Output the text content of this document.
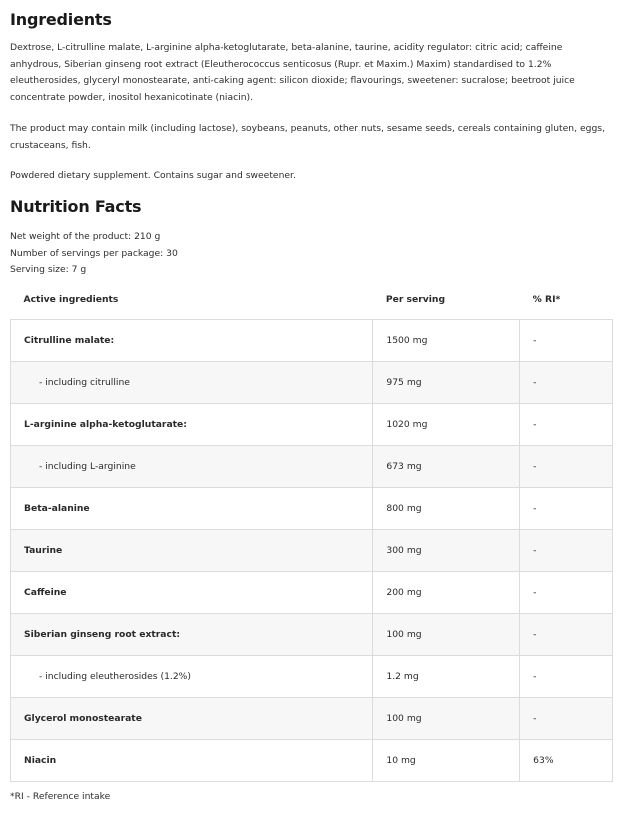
Ingredients

Dextrose, L-citrulline malate, L-arginine alpha-ketoglutarate, beta-alanine, taurine, acidity regulator: citric acid; caffeine anhydrous, Siberian ginseng root extract (Eleutherococcus senticosus (Rupr. et Maxim.) Maxim) standardised to 1.2% eleutherosides, glyceryl monostearate, anti-caking agent: silicon dioxide; flavourings, sweetener: sucralose; beetroot juice concentrate powder, inositol hexanicotinate (niacin).

The product may contain milk (including lactose), soybeans, peanuts, other nuts, sesame seeds, cereals containing gluten, eggs, crustaceans, fish.

Powdered dietary supplement. Contains sugar and sweetener.

Nutrition Facts
Net weight of the product: 210 g
Number of servings per package: 30
Serving size: 7 g
Active ingredients	Per serving	% RI*
Citrulline malate:	1500 mg	-
- including citrulline	975 mg	-
L-arginine alpha-ketoglutarate:	1020 mg	-
- including L-arginine	673 mg	-
Beta-alanine	800 mg	-
Taurine	300 mg	-
Caffeine	200 mg	-
Siberian ginseng root extract:	100 mg	-
- including eleutherosides (1.2%)	1.2 mg	-
Glycerol monostearate	100 mg	-
Niacin	10 mg	63%
*RI - Reference intake
